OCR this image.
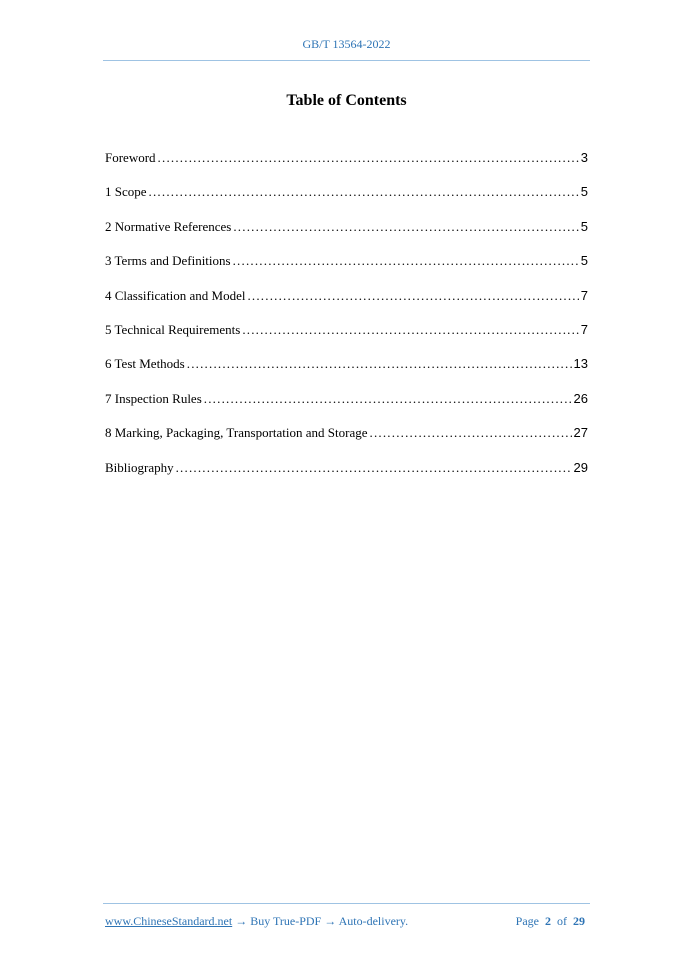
GB/T 13564-2022
Table of Contents
Foreword .....	3
1 Scope .....	5
2 Normative References .....	5
3 Terms and Definitions .....	5
4 Classification and Model .....	7
5 Technical Requirements .....	7
6 Test Methods .....	13
7 Inspection Rules .....	26
8 Marking, Packaging, Transportation and Storage .....	27
Bibliography .....	29
www.ChineseStandard.net → Buy True-PDF → Auto-delivery.	Page 2 of 29
